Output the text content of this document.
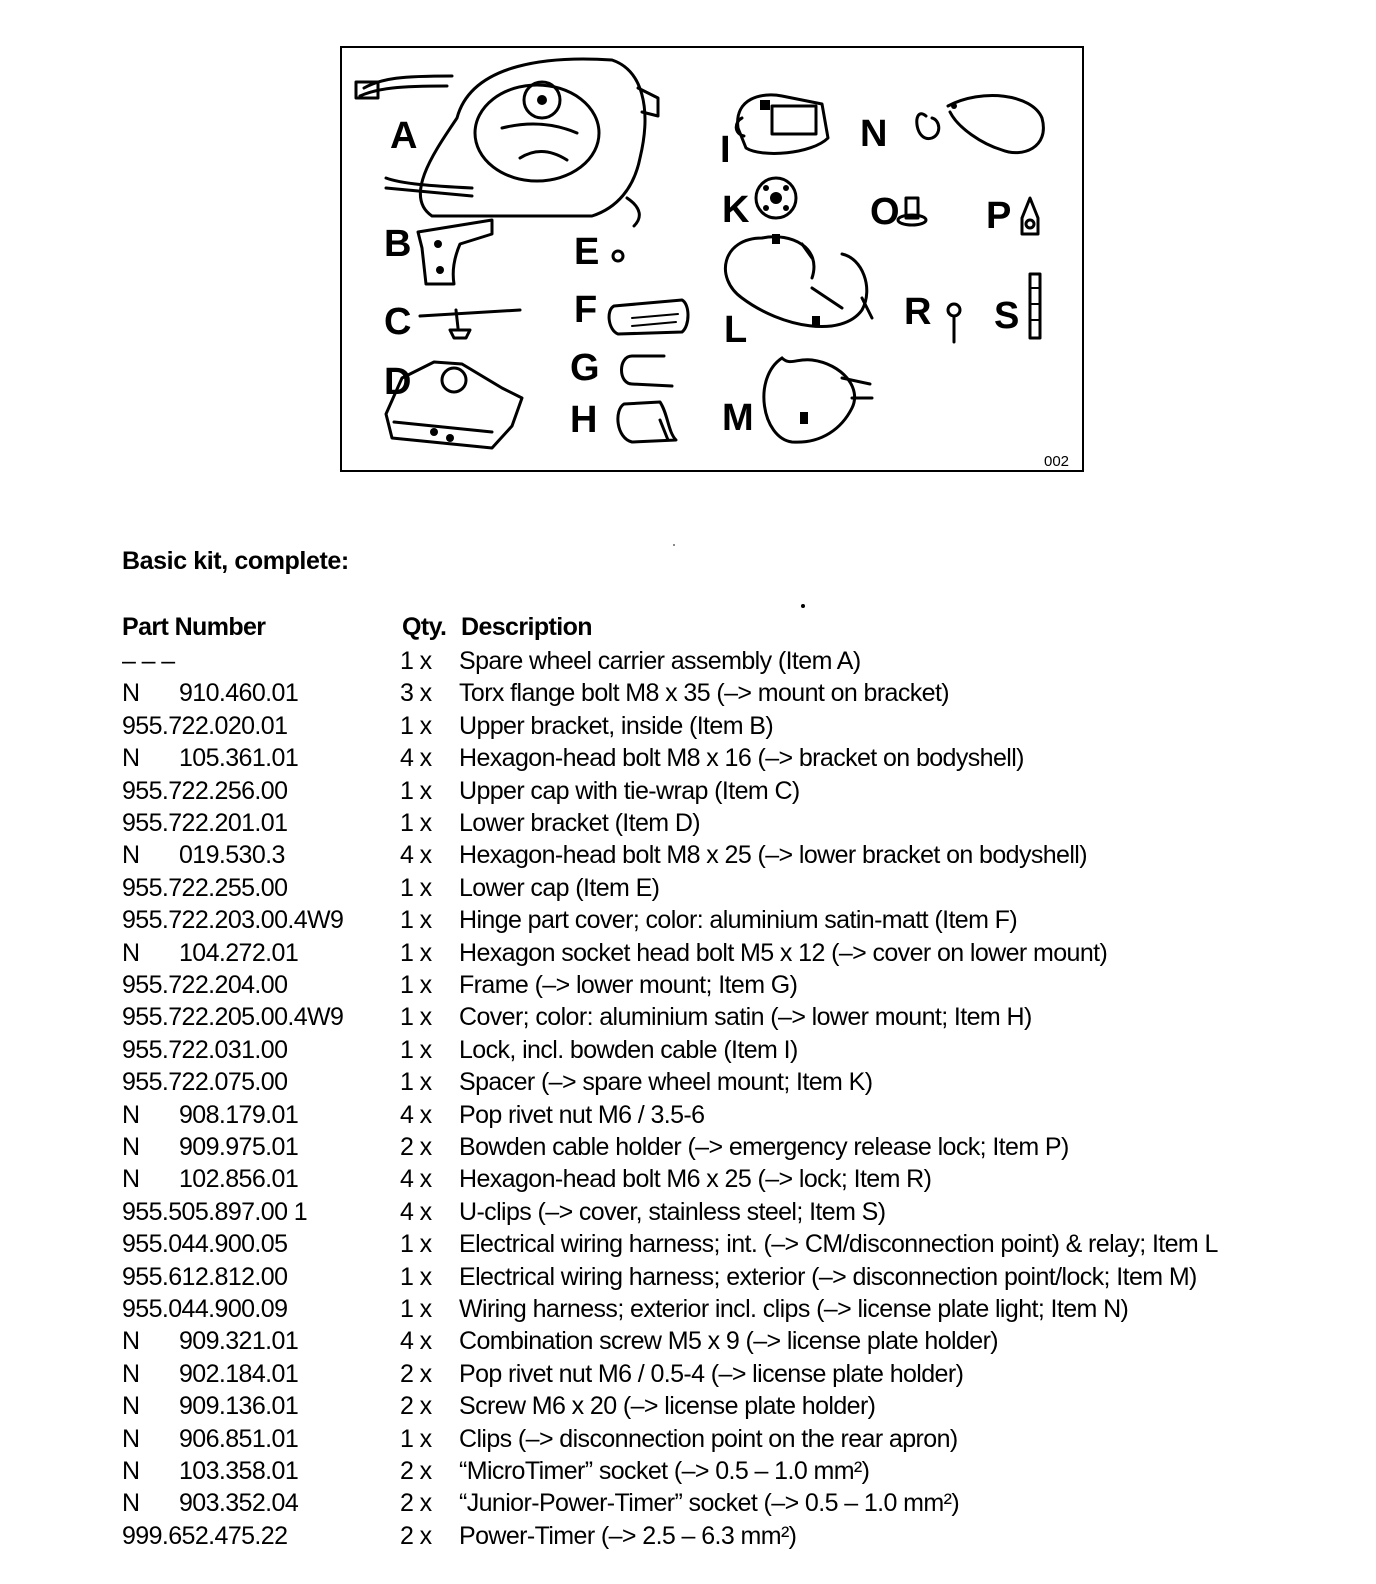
A
B
C
D
E
F
G
H
I
K
L
M
N
O P
R S
002
Basic kit, complete:
Part Number	Qty. Description
– – –	1 x Spare wheel carrier assembly (Item A)
N 910.460.01	3 x Torx flange bolt M8 x 35 (–> mount on bracket)
955.722.020.01	1 x Upper bracket, inside (Item B)
N 105.361.01	4 x Hexagon-head bolt M8 x 16 (–> bracket on bodyshell)
955.722.256.00	1 x Upper cap with tie-wrap (Item C)
955.722.201.01	1 x Lower bracket (Item D)
N 019.530.3	4 x Hexagon-head bolt M8 x 25 (–> lower bracket on bodyshell)
955.722.255.00	1 x Lower cap (Item E)
955.722.203.00.4W9 1 x Hinge part cover; color: aluminium satin-matt (Item F)
N 104.272.01	1 x Hexagon socket head bolt M5 x 12 (–> cover on lower mount)
955.722.204.00	1 x Frame (–> lower mount; Item G)
955.722.205.00.4W9 1 x Cover; color: aluminium satin (–> lower mount; Item H)
955.722.031.00	1 x Lock, incl. bowden cable (Item I)
955.722.075.00	1 x Spacer (–> spare wheel mount; Item K)
N 908.179.01	4 x Pop rivet nut M6 / 3.5-6
N 909.975.01	2 x Bowden cable holder (–> emergency release lock; Item P)
N 102.856.01	4 x Hexagon-head bolt M6 x 25 (–> lock; Item R)
955.505.897.00 1	4 x U-clips (–> cover, stainless steel; Item S)
955.044.900.05	1 x Electrical wiring harness; int. (–> CM/disconnection point) & relay; Item L
955.612.812.00	1 x Electrical wiring harness; exterior (–> disconnection point/lock; Item M)
955.044.900.09	1 x Wiring harness; exterior incl. clips (–> license plate light; Item N)
N 909.321.01	4 x Combination screw M5 x 9 (–> license plate holder)
N 902.184.01	2 x Pop rivet nut M6 / 0.5-4 (–> license plate holder)
N 909.136.01	2 x Screw M6 x 20 (–> license plate holder)
N 906.851.01	1 x Clips (–> disconnection point on the rear apron)
N 103.358.01	2 x “MicroTimer” socket (–> 0.5 – 1.0 mm²)
N 903.352.04	2 x “Junior-Power-Timer” socket (–> 0.5 – 1.0 mm²)
999.652.475.22	2 x Power-Timer (–> 2.5 – 6.3 mm²)
